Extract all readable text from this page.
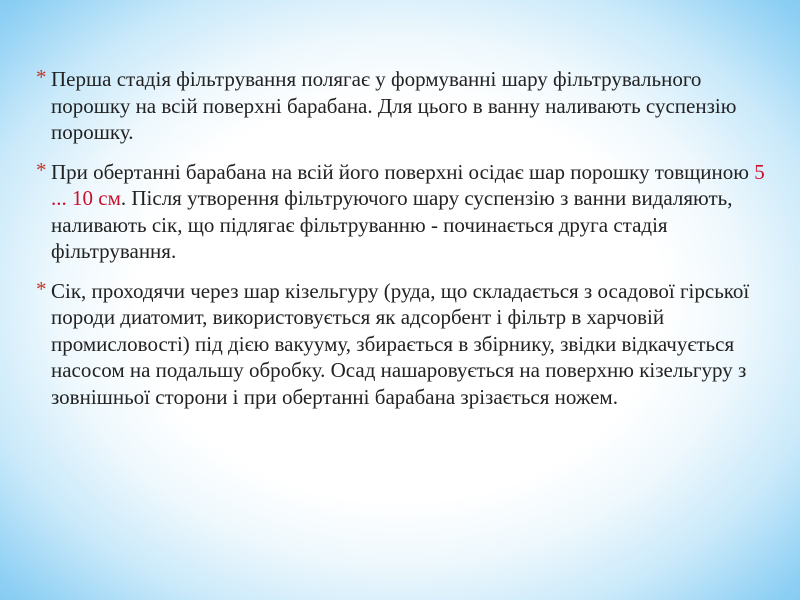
* Перша стадія фільтрування полягає у формуванні шару фільтрувального порошку на всій поверхні барабана. Для цього в ванну наливають суспензію порошку.

* При обертанні барабана на всій його поверхні осідає шар порошку товщиною 5 ... 10 см. Після утворення фільтруючого шару суспензію з ванни видаляють, наливають сік, що підлягає фільтруванню - починається друга стадія фільтрування.

* Сік, проходячи через шар кізельгуру (руда, що складається з осадової гірської породи диатомит, використовується як адсорбент і фільтр в харчовій промисловості) під дією вакууму, збирається в збірнику, звідки відкачується насосом на подальшу обробку. Осад нашаровується на поверхню кізельгуру з зовнішньої сторони і при обертанні барабана зрізається ножем.
